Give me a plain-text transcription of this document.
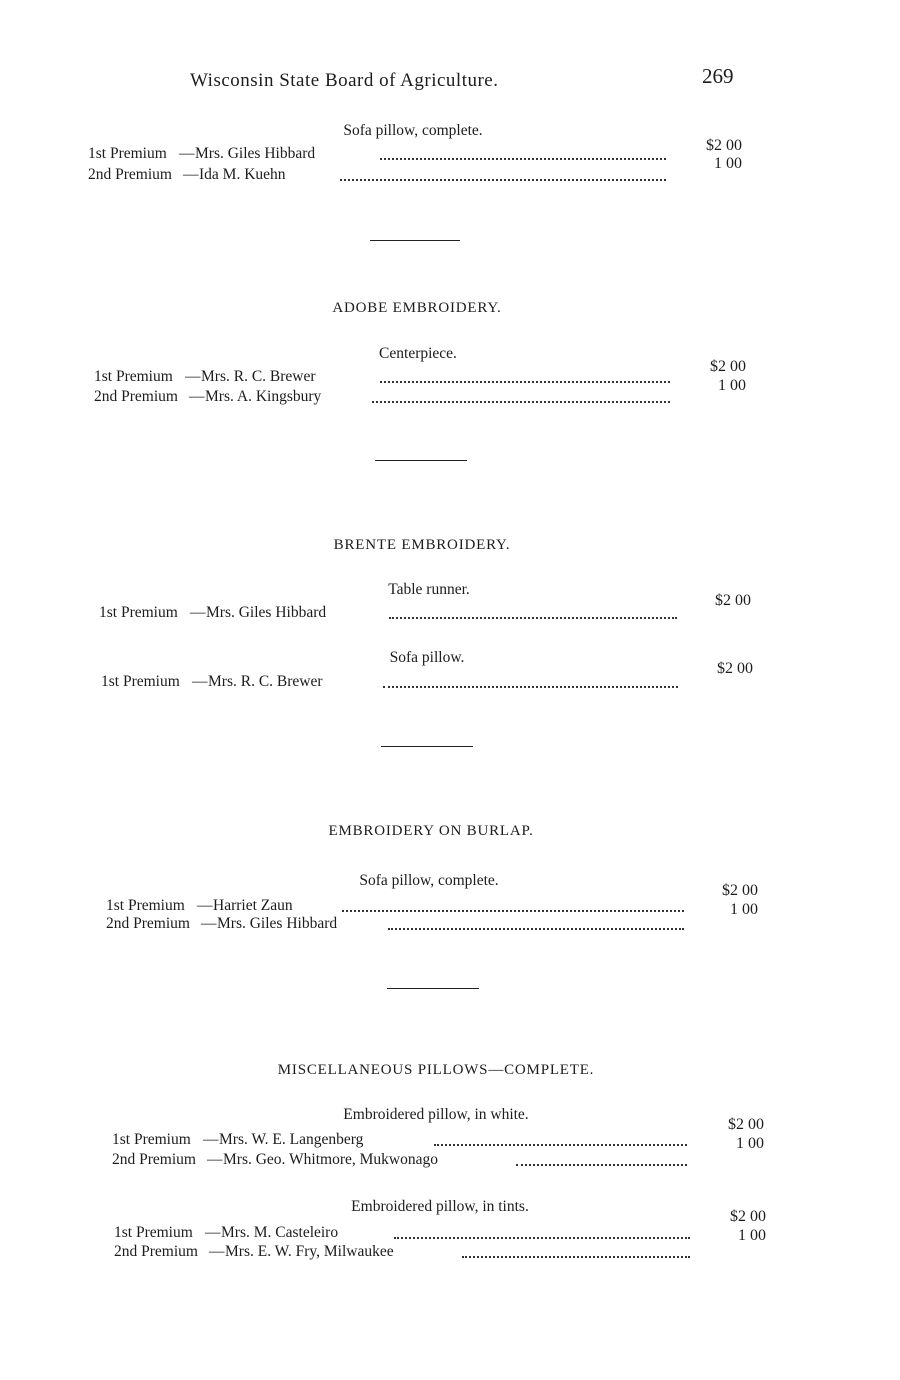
Wisconsin State Board of Agriculture.	269
Sofa pillow, complete.
1st Premium — Mrs. Giles Hibbard	$2 00
2nd Premium — Ida M. Kuehn
1 00
ADOBE EMBROIDERY.
Centerpiece.
1st Premium — Mrs. R. C. Brewer
$2 00
2nd Premium — Mrs. A. Kingsbury
1 00
BRENTE EMBROIDERY.
Table runner.
1st Premium — Mrs. Giles Hibbard
$2 00
Sofa pillow.
1st Premium — Mrs. R. C. Brewer
$2 00
EMBROIDERY ON BURLAP.
Sofa pillow, complete.
1st Premium — Harriet Zaun
$2 00
2nd Premium — Mrs. Giles Hibbard
1 00
MISCELLANEOUS PILLOWS—COMPLETE.
Embroidered pillow, in white.
1st Premium — Mrs. W. E. Langenberg
$2 00
2nd Premium — Mrs. Geo. Whitmore, Mukwonago
1 00
Embroidered pillow, in tints.
1st Premium — Mrs. M. Casteleiro
$2 00
2nd Premium — Mrs. E. W. Fry, Milwaukee
1 00
